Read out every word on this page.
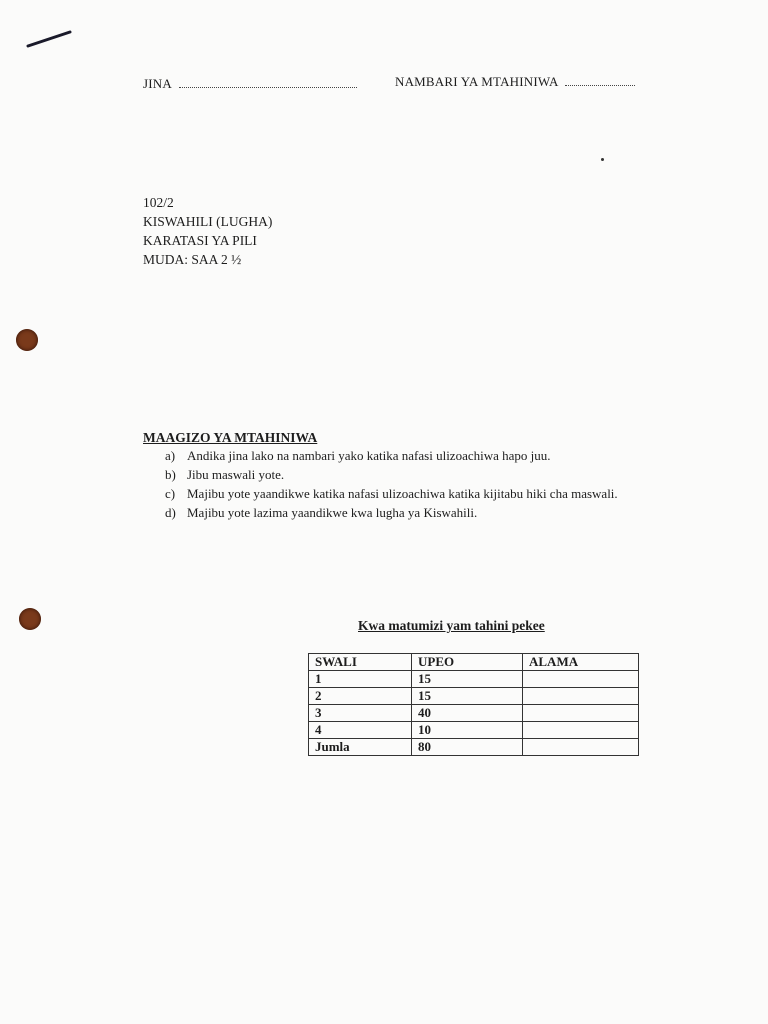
JINA	NAMBARI YA MTAHINIWA
102/2
KISWAHILI (LUGHA)
KARATASI YA PILI
MUDA: SAA 2 ½
MAAGIZO YA MTAHINIWA
a) Andika jina lako na nambari yako katika nafasi ulizoachiwa hapo juu.
b) Jibu maswali yote.
c) Majibu yote yaandikwe katika nafasi ulizoachiwa katika kijitabu hiki cha maswali.
d) Majibu yote lazima yaandikwe kwa lugha ya Kiswahili.
Kwa matumizi yam tahini pekee
SWALI	UPEO	ALAMA
1	15	
2	15	
3	40	
4	10	
Jumla	80	
